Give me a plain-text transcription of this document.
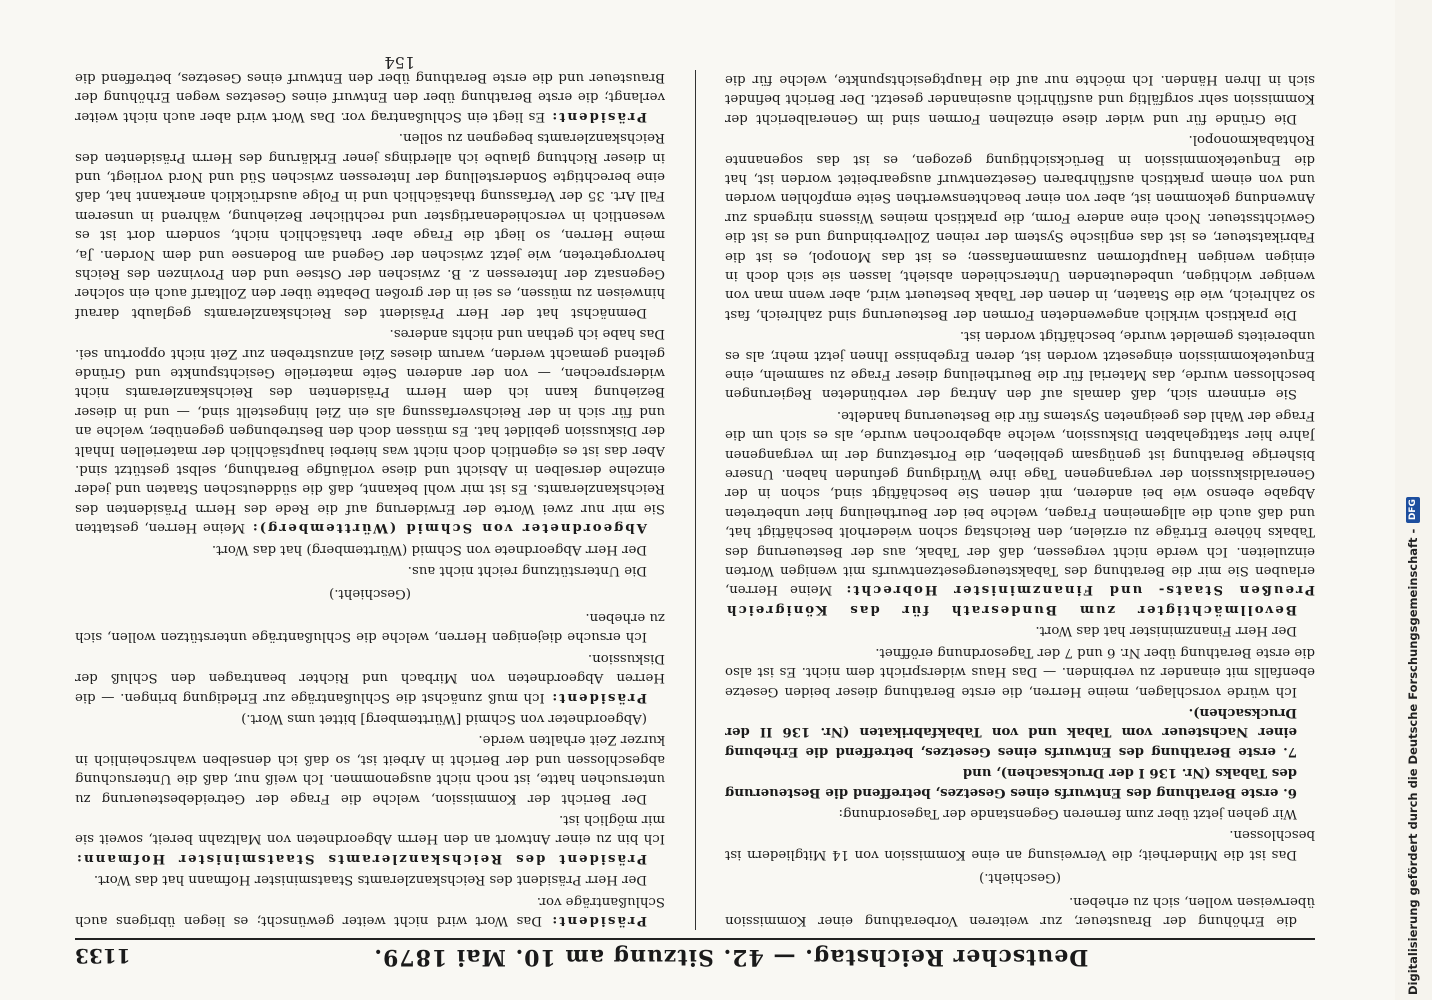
Deutscher Reichstag. — 42. Sitzung am 10. Mai 1879.
1133

die Erhöhung der Brausteuer, zur weiteren Vorberathung einer Kommission überweisen wollen, sich zu erheben.

(Geschieht.)

Das ist die Minderheit; die Verweisung an eine Kommission von 14 Mitgliedern ist beschlossen.

Wir gehen jetzt über zum ferneren Gegenstande der Tagesordnung:

6. erste Berathung des Entwurfs eines Gesetzes, betreffend die Besteuerung des Tabaks (Nr. 136 I der Drucksachen), und

7. erste Berathung des Entwurfs eines Gesetzes, betreffend die Erhebung einer Nachsteuer vom Tabak und von Tabakfabrikaten (Nr. 136 II der Drucksachen).

Ich würde vorschlagen, meine Herren, die erste Berathung dieser beiden Gesetze ebenfalls mit einander zu verbinden. — Das Haus widerspricht dem nicht. Es ist also die erste Berathung über Nr. 6 und 7 der Tagesordnung eröffnet.

Der Herr Finanzminister hat das Wort.

Bevollmächtigter zum Bundesrath für das Königreich Preußen Staats- und Finanzminister Hobrecht: Meine Herren, erlauben Sie mir die Berathung des Tabaksteuergesetzentwurfs mit wenigen Worten einzuleiten. Ich werde nicht vergessen, daß der Tabak, aus der Besteuerung des Tabaks höhere Erträge zu erzielen, den Reichstag schon wiederholt beschäftigt hat, und daß auch die allgemeinen Fragen, welche bei der Beurtheilung hier unbetreten Abgabe ebenso wie bei anderen, mit denen Sie beschäftigt sind, schon in der Generaldiskussion der vergangenen Tage ihre Würdigung gefunden haben. Unsere bisherige Berathung ist genügsam geblieben, die Fortsetzung der im vergangenen Jahre hier stattgehabten Diskussion, welche abgebrochen wurde, als es sich um die Frage der Wahl des geeigneten Systems für die Besteuerung handelte.

Sie erinnern sich, daß damals auf den Antrag der verbündeten Regierungen beschlossen wurde, das Material für die Beurtheilung dieser Frage zu sammeln, eine Enquetekommission eingesetzt worden ist, deren Ergebnisse Ihnen jetzt mehr, als es unbereitets gemeldet wurde, beschäftigt worden ist.

Die praktisch wirklich angewendeten Formen der Besteuerung sind zahlreich, fast so zahlreich, wie die Staaten, in denen der Tabak besteuert wird, aber wenn man von weniger wichtigen, unbedeutenden Unterschieden absieht, lassen sie sich doch in einigen wenigen Hauptformen zusammenfassen; es ist das Monopol, es ist die Fabrikatsteuer, es ist das englische System der reinen Zollverbindung und es ist die Gewichtssteuer. Noch eine andere Form, die praktisch meines Wissens nirgends zur Anwendung gekommen ist, aber von einer beachtenswerthen Seite empfohlen worden und von einem praktisch ausführbaren Gesetzentwurf ausgearbeitet worden ist, hat die Enquetekommission in Berücksichtigung gezogen, es ist das sogenannte Rohtabakmonopol.

Die Gründe für und wider diese einzelnen Formen sind im Generalbericht der Kommission sehr sorgfältig und ausführlich auseinander gesetzt. Der Bericht befindet sich in Ihren Händen. Ich möchte nur auf die Hauptgesichtspunkte, welche für die

Präsident: Das Wort wird nicht weiter gewünscht; es liegen übrigens auch Schlußanträge vor.

Der Herr Präsident des Reichskanzleramts Staatsminister Hofmann hat das Wort.

Präsident des Reichskanzleramts Staatsminister Hofmann: Ich bin zu einer Antwort an den Herrn Abgeordneten von Maltzahn bereit, soweit sie mir möglich ist.

Der Bericht der Kommission, welche die Frage der Getreidebesteuerung zu untersuchen hatte, ist noch nicht ausgenommen. Ich weiß nur, daß die Untersuchung abgeschlossen und der Bericht in Arbeit ist, so daß ich denselben wahrscheinlich in kurzer Zeit erhalten werde.

(Abgeordneter von Schmid [Württemberg] bittet ums Wort.)

Präsident: Ich muß zunächst die Schlußanträge zur Erledigung bringen. — die Herren Abgeordneten von Mirbach und Richter beantragen den Schluß der Diskussion.

Ich ersuche diejenigen Herren, welche die Schlußanträge unterstützen wollen, sich zu erheben.

(Geschieht.)

Die Unterstützung reicht nicht aus.

Der Herr Abgeordnete von Schmid (Württemberg) hat das Wort.

Abgeordneter von Schmid (Württemberg): Meine Herren, gestatten Sie mir nur zwei Worte der Erwiderung auf die Rede des Herrn Präsidenten des Reichskanzleramts. Es ist mir wohl bekannt, daß die süddeutschen Staaten und jeder einzelne derselben in Absicht und diese vorläufige Berathung, selbst gestützt sind. Aber das ist es eigentlich doch nicht was hierbei hauptsächlich der materiellen Inhalt der Diskussion gebildet hat. Es müssen doch den Bestrebungen gegenüber, welche an und für sich in der Reichsverfassung als ein Ziel hingestellt sind, — und in dieser Beziehung kann ich dem Herrn Präsidenten des Reichskanzleramts nicht widersprechen, — von der anderen Seite materielle Gesichtspunkte und Gründe geltend gemacht werden, warum dieses Ziel anzustreben zur Zeit nicht opportun sei. Das habe ich gethan und nichts anderes.

Demnächst hat der Herr Präsident des Reichskanzleramts geglaubt darauf hinweisen zu müssen, es sei in der großen Debatte über den Zolltarif auch ein solcher Gegensatz der Interessen z. B. zwischen der Ostsee und den Provinzen des Reichs hervorgetreten, wie jetzt zwischen der Gegend am Bodensee und dem Norden. Ja, meine Herren, so liegt die Frage aber thatsächlich nicht, sondern dort ist es wesentlich in verschiedenartigster und rechtlicher Beziehung, während in unserem Fall Art. 35 der Verfassung thatsächlich und in Folge ausdrücklich anerkannt hat, daß eine berechtigte Sonderstellung der Interessen zwischen Süd und Nord vorliegt, und in dieser Richtung glaube ich allerdings jener Erklärung des Herrn Präsidenten des Reichskanzleramts begegnen zu sollen.

Präsident: Es liegt ein Schlußantrag vor. Das Wort wird aber auch nicht weiter verlangt; die erste Berathung über den Entwurf eines Gesetzes wegen Erhöhung der Brausteuer und die erste Berathung über den Entwurf eines Gesetzes, betreffend die

154
Digitalisierung gefördert durch die Deutsche Forschungsgemeinschaft -
DFG
